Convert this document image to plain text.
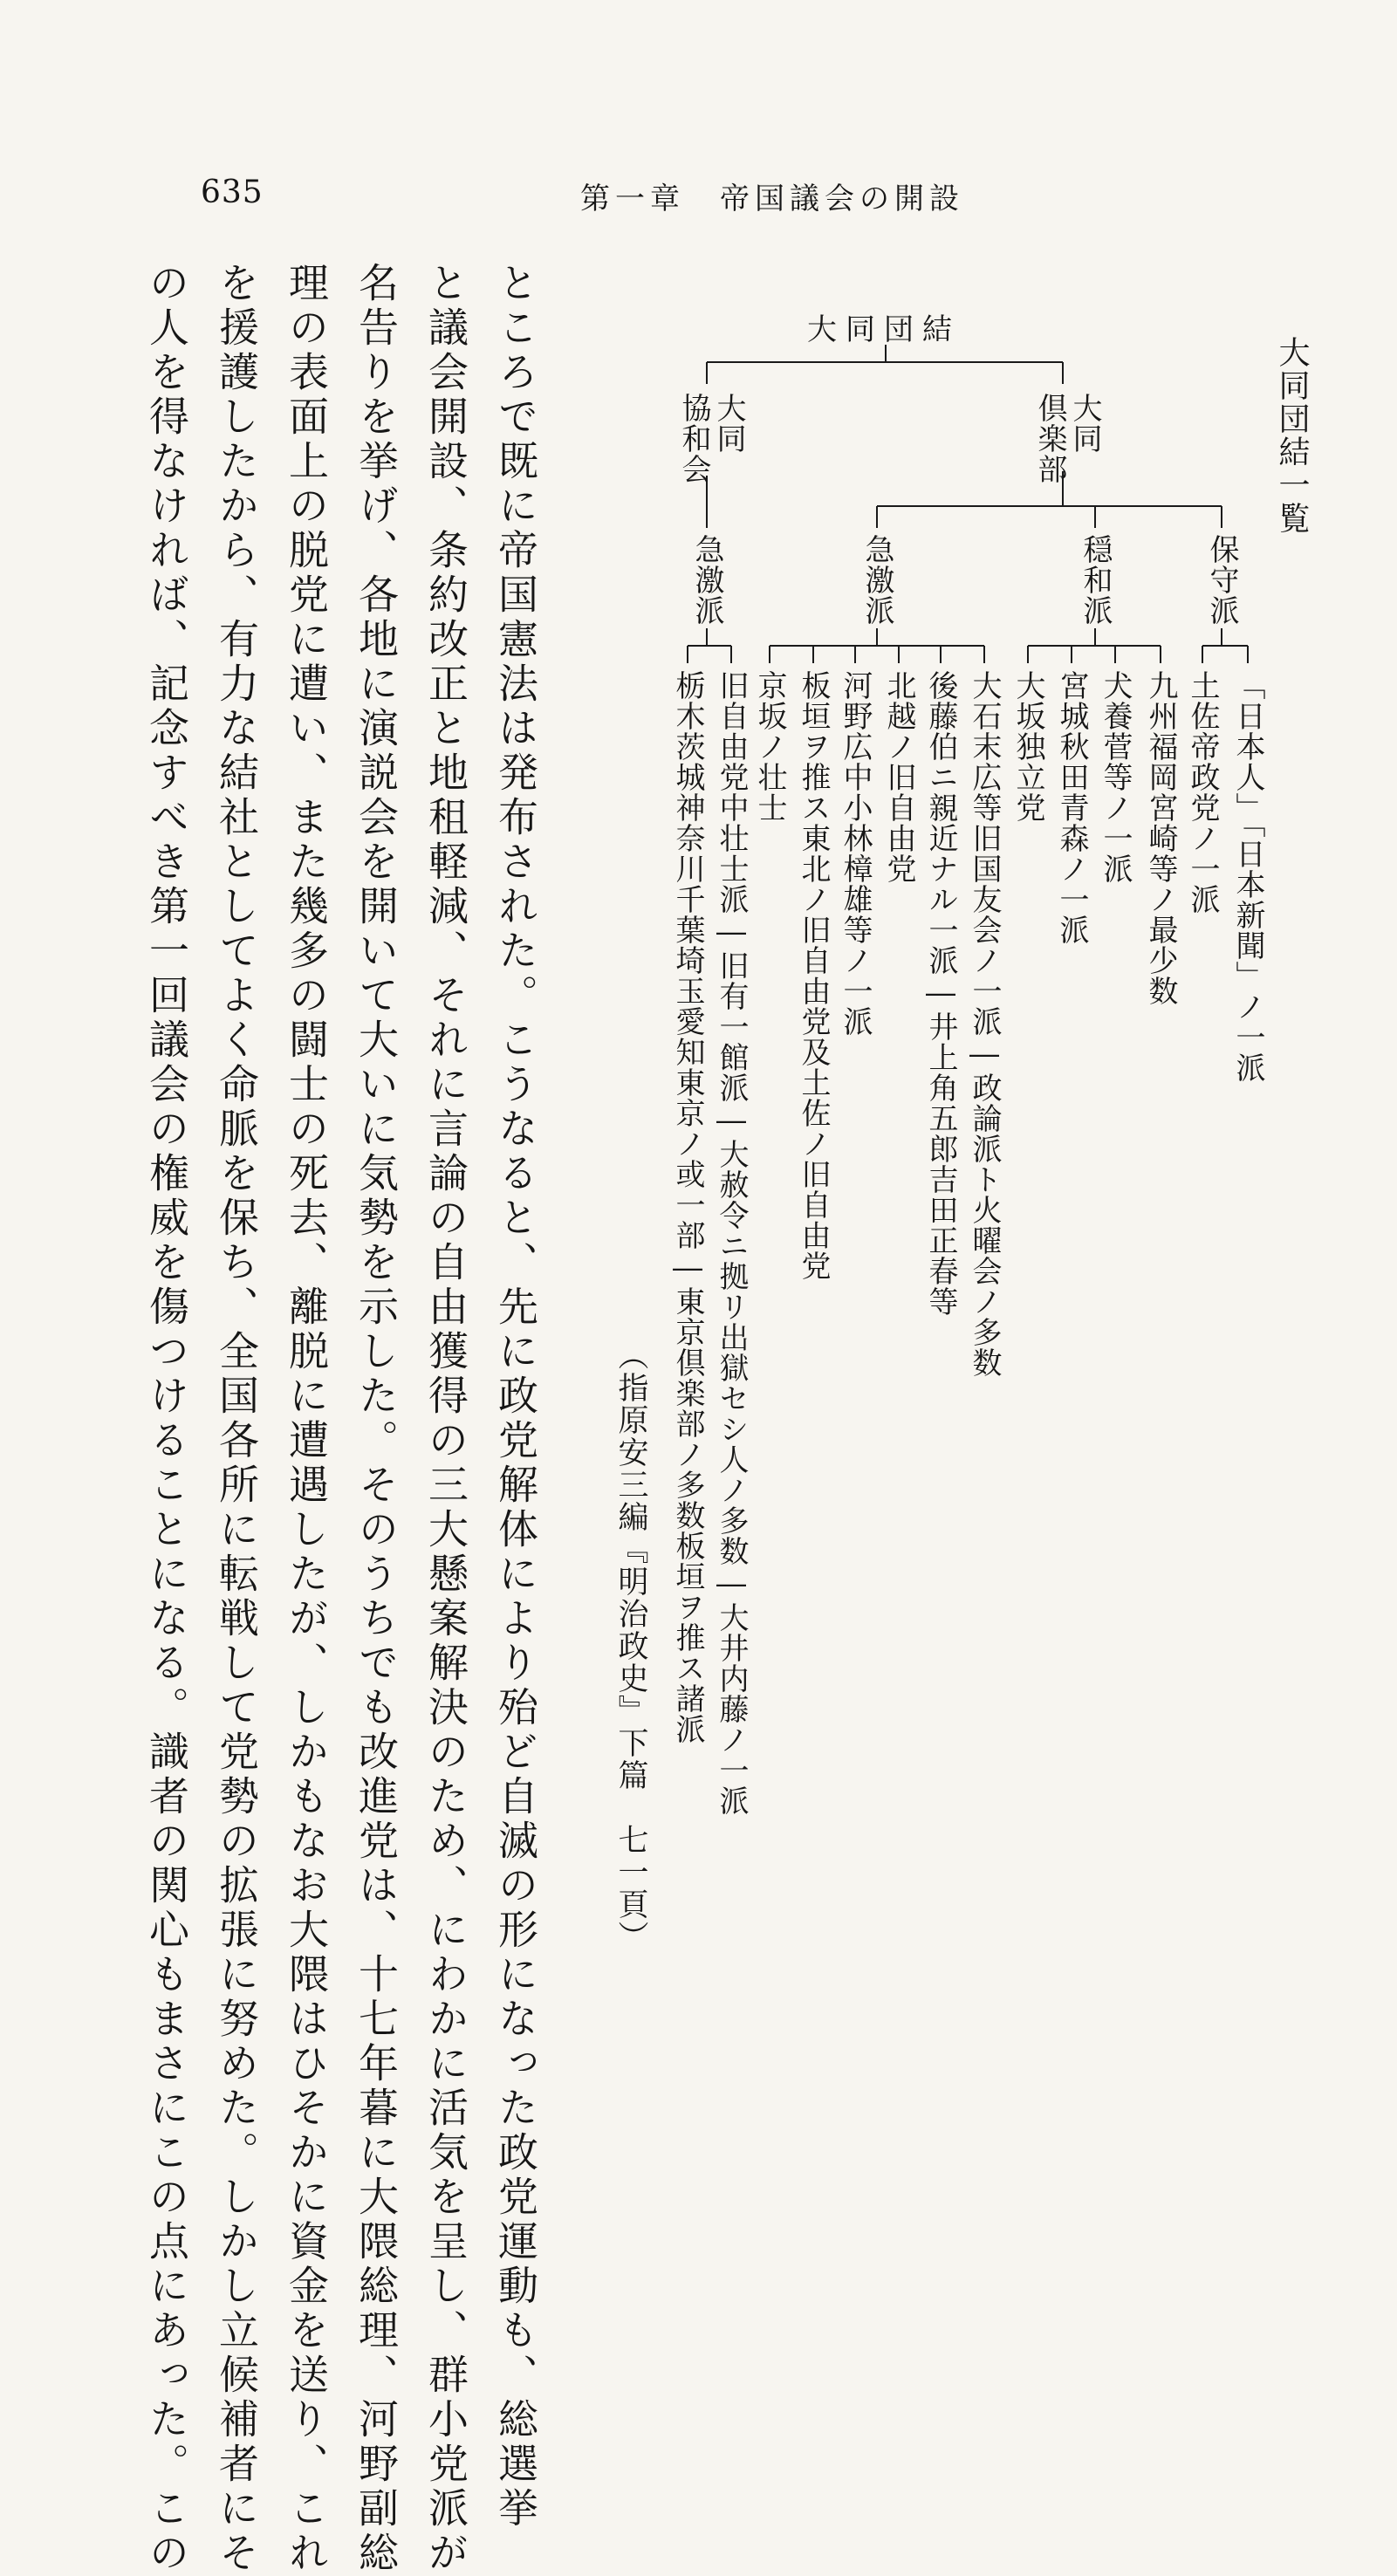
635	第一章　帝国議会の開設
大同団結一覧
大同団結
大同
倶楽部
大同
協和会
保守派
穏和派
急激派
急激派
「日本人」「日本新聞」ノ一派
土佐帝政党ノ一派
九州福岡宮崎等ノ最少数
犬養菅等ノ一派
宮城秋田青森ノ一派
大坂独立党
大石末広等旧国友会ノ一派―政論派ト火曜会ノ多数
後藤伯ニ親近ナル一派―井上角五郎吉田正春等
北越ノ旧自由党
河野広中小林樟雄等ノ一派
板垣ヲ推ス東北ノ旧自由党及土佐ノ旧自由党
京坂ノ壮士
旧自由党中壮士派―旧有一館派―大赦令ニ拠リ出獄セシ人ノ多数―大井内藤ノ一派
栃木茨城神奈川千葉埼玉愛知東京ノ或一部―東京倶楽部ノ多数板垣ヲ推ス諸派
（指原安三編『明治政史』下篇　七一頁）
ところで既に帝国憲法は発布された。こうなると、先に政党解体により殆ど自滅の形になった政党運動も、総選挙
と議会開設、条約改正と地租軽減、それに言論の自由獲得の三大懸案解決のため、にわかに活気を呈し、群小党派が
名告りを挙げ、各地に演説会を開いて大いに気勢を示した。そのうちでも改進党は、十七年暮に大隈総理、河野副総
理の表面上の脱党に遭い、また幾多の闘士の死去、離脱に遭遇したが、しかもなお大隈はひそかに資金を送り、これ
を援護したから、有力な結社としてよく命脈を保ち、全国各所に転戦して党勢の拡張に努めた。しかし立候補者にそ
の人を得なければ、記念すべき第一回議会の権威を傷つけることになる。識者の関心もまさにこの点にあった。この
